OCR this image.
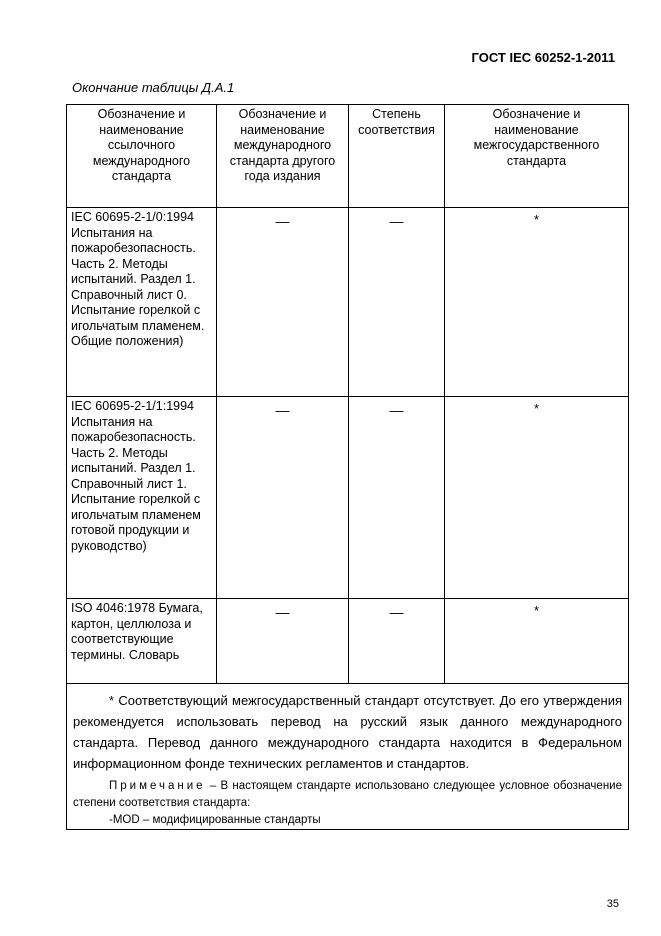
ГОСТ IEC 60252-1-2011
Окончание таблицы Д.А.1
Обозначение и наименование ссылочного международного стандарта	Обозначение и наименование международного стандарта другого года издания	Степень соответствия	Обозначение и наименование межгосударственного стандарта
IEC 60695-2-1/0:1994 Испытания на пожаробезопасность. Часть 2. Методы испытаний. Раздел 1. Справочный лист 0. Испытание горелкой с игольчатым пламенем. Общие положения)	—	—	*
IEC 60695-2-1/1:1994 Испытания на пожаробезопасность. Часть 2. Методы испытаний. Раздел 1. Справочный лист 1. Испытание горелкой с игольчатым пламенем готовой продукции и руководство)	—	—	*
ISO 4046:1978 Бумага, картон, целлюлоза и соответствующие термины. Словарь	—	—	*

* Соответствующий межгосударственный стандарт отсутствует. До его утверждения рекомендуется использовать перевод на русский язык данного международного стандарта. Перевод данного международного стандарта находится в Федеральном информационном фонде технических регламентов и стандартов.

Примечание – В настоящем стандарте использовано следующее условное обозначение степени соответствия стандарта:

-MOD – модифицированные стандарты			

35
